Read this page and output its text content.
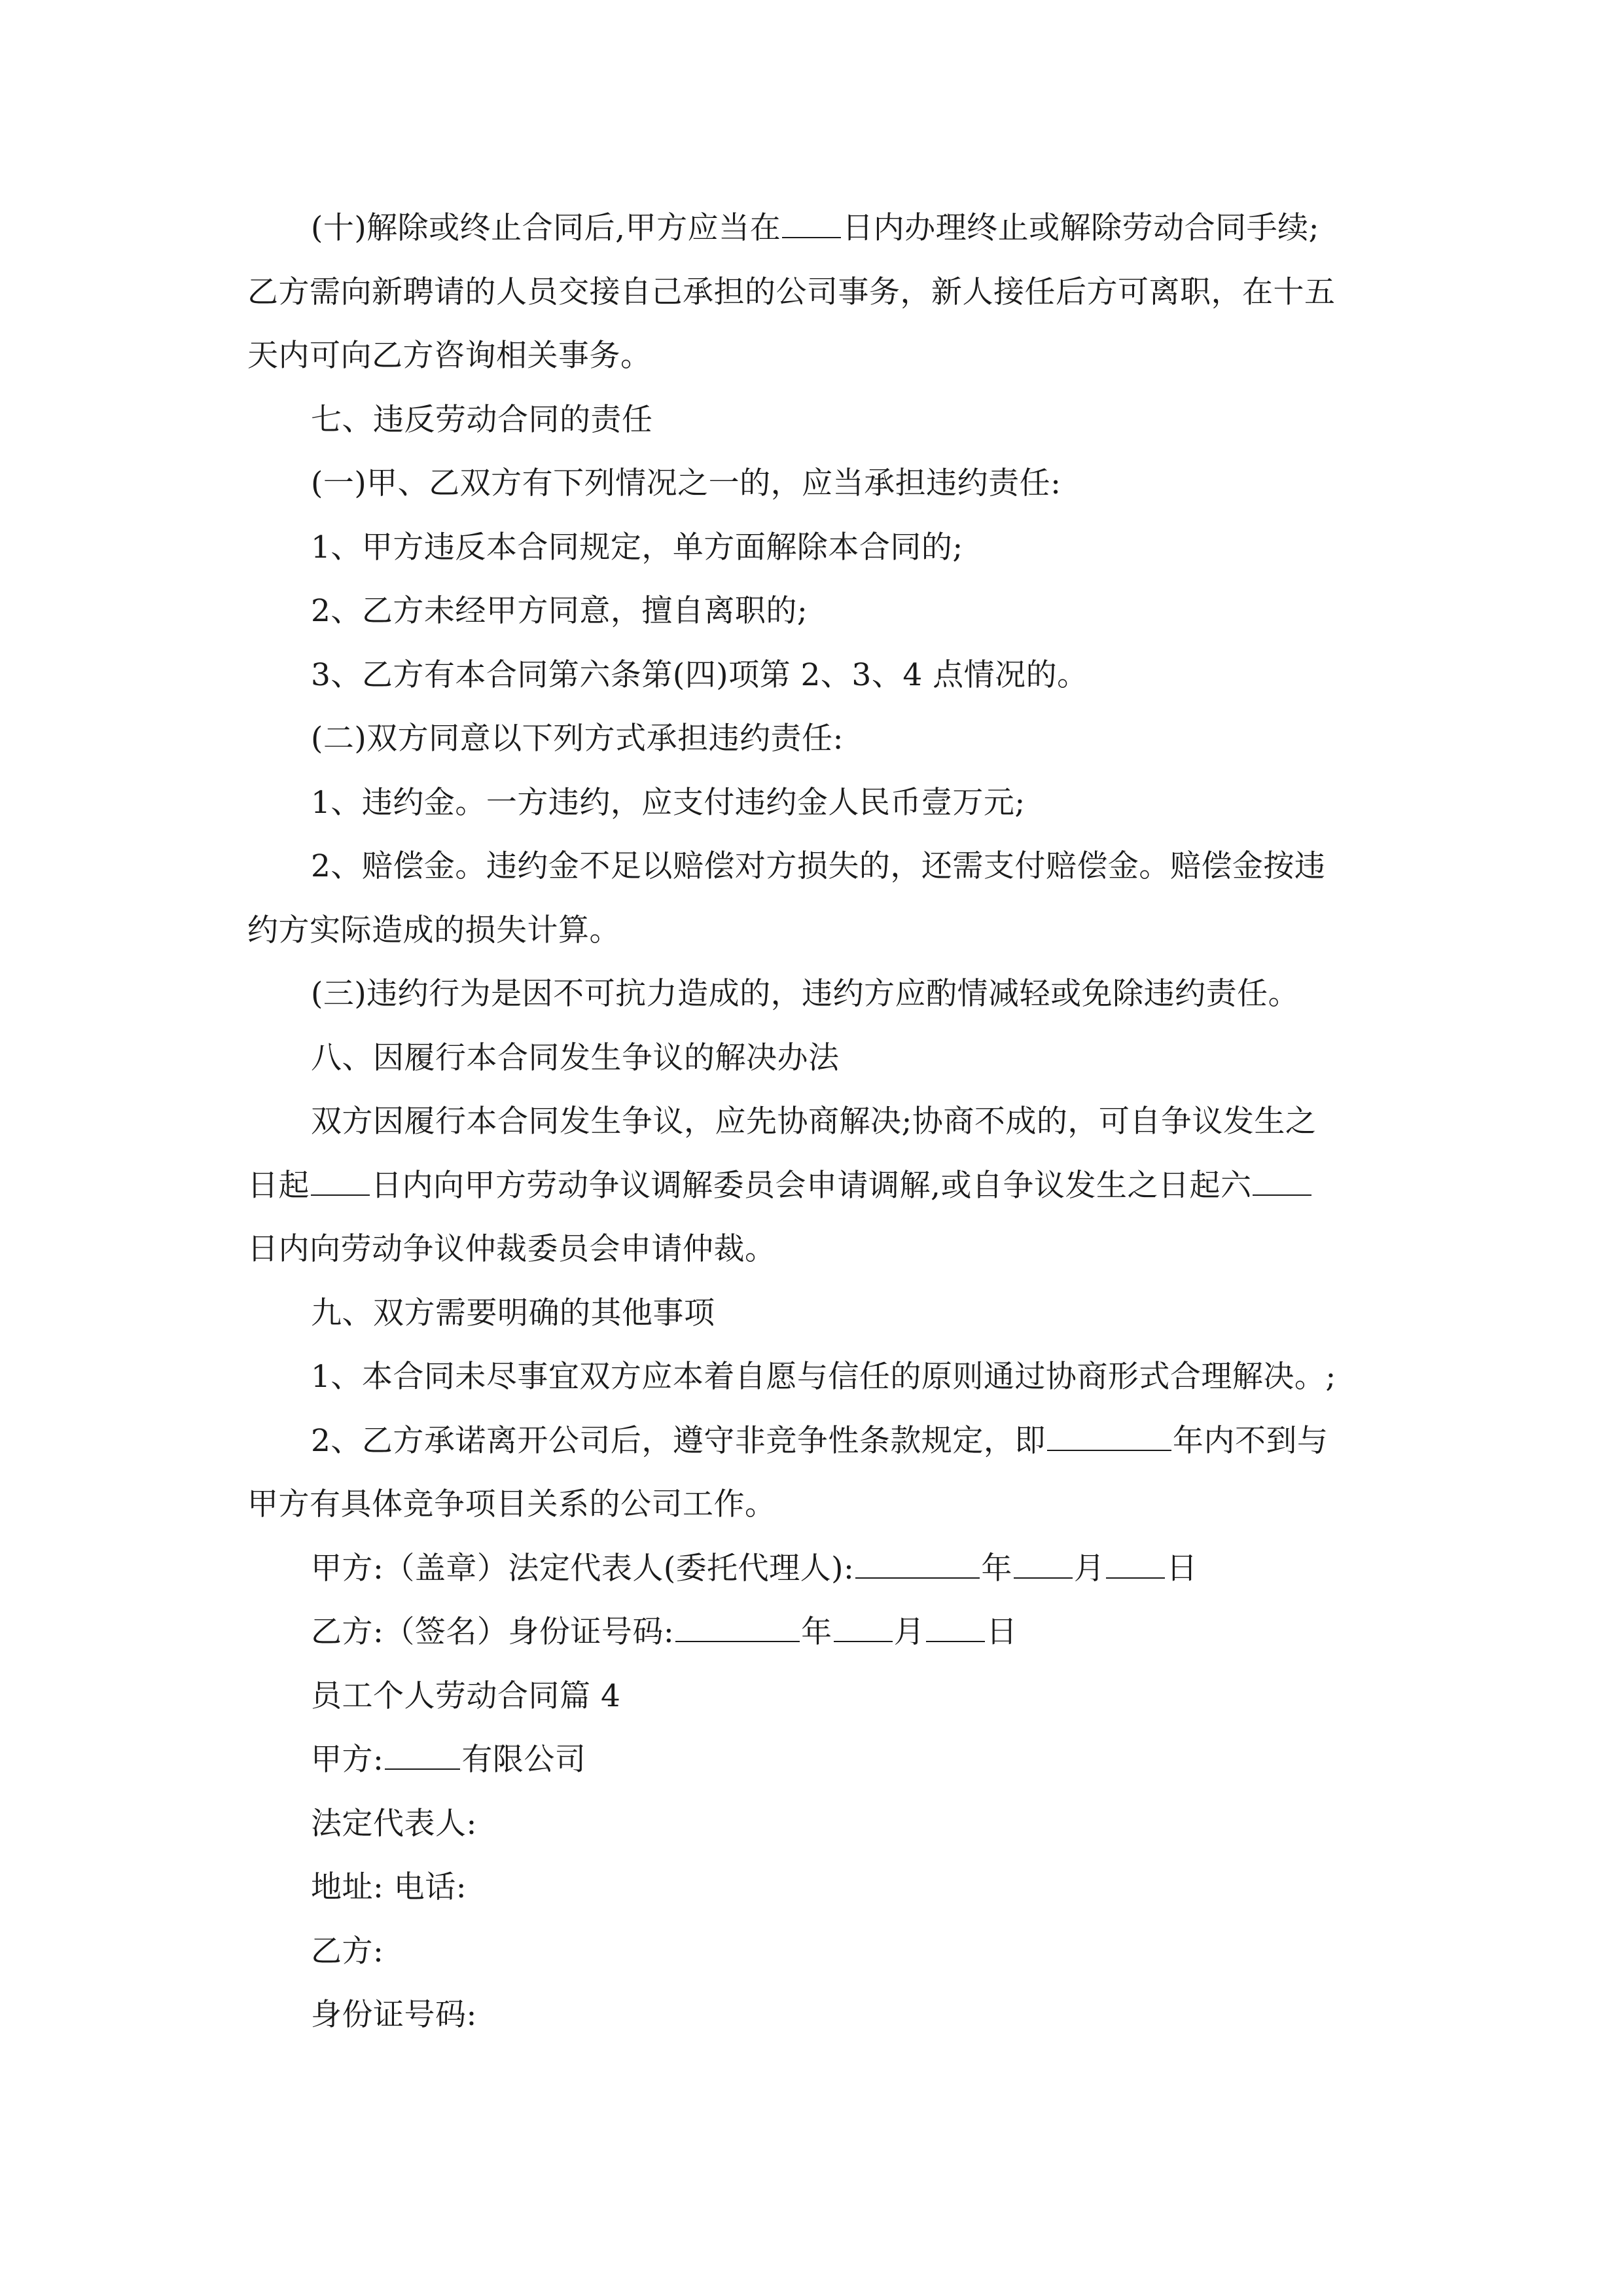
(十)解除或终止合同后,甲方应当在 日内办理终止或解除劳动合同手续;

乙方需向新聘请的人员交接自己承担的公司事务，新人接任后方可离职，在十五

天内可向乙方咨询相关事务。

七、违反劳动合同的责任

(一)甲、乙双方有下列情况之一的，应当承担违约责任:

1、甲方违反本合同规定，单方面解除本合同的;

2、乙方未经甲方同意，擅自离职的;

3、乙方有本合同第六条第(四)项第 2、3、4 点情况的。

(二)双方同意以下列方式承担违约责任:

1、违约金。一方违约，应支付违约金人民币壹万元;

2、赔偿金。违约金不足以赔偿对方损失的，还需支付赔偿金。赔偿金按违

约方实际造成的损失计算。

(三)违约行为是因不可抗力造成的，违约方应酌情减轻或免除违约责任。

八、因履行本合同发生争议的解决办法

双方因履行本合同发生争议，应先协商解决;协商不成的，可自争议发生之

日起 日内向甲方劳动争议调解委员会申请调解,或自争议发生之日起六

日内向劳动争议仲裁委员会申请仲裁。

九、双方需要明确的其他事项

1、本合同未尽事宜双方应本着自愿与信任的原则通过协商形式合理解决。;

2、乙方承诺离开公司后，遵守非竞争性条款规定，即	年内不到与

甲方有具体竞争项目关系的公司工作。

甲方:（盖章）法定代表人(委托代理人):	年 月 日

乙方:（签名）身份证号码:	年 月 日

员工个人劳动合同篇 4

甲方:	有限公司

法定代表人:

地址: 电话:

乙方:

身份证号码:
